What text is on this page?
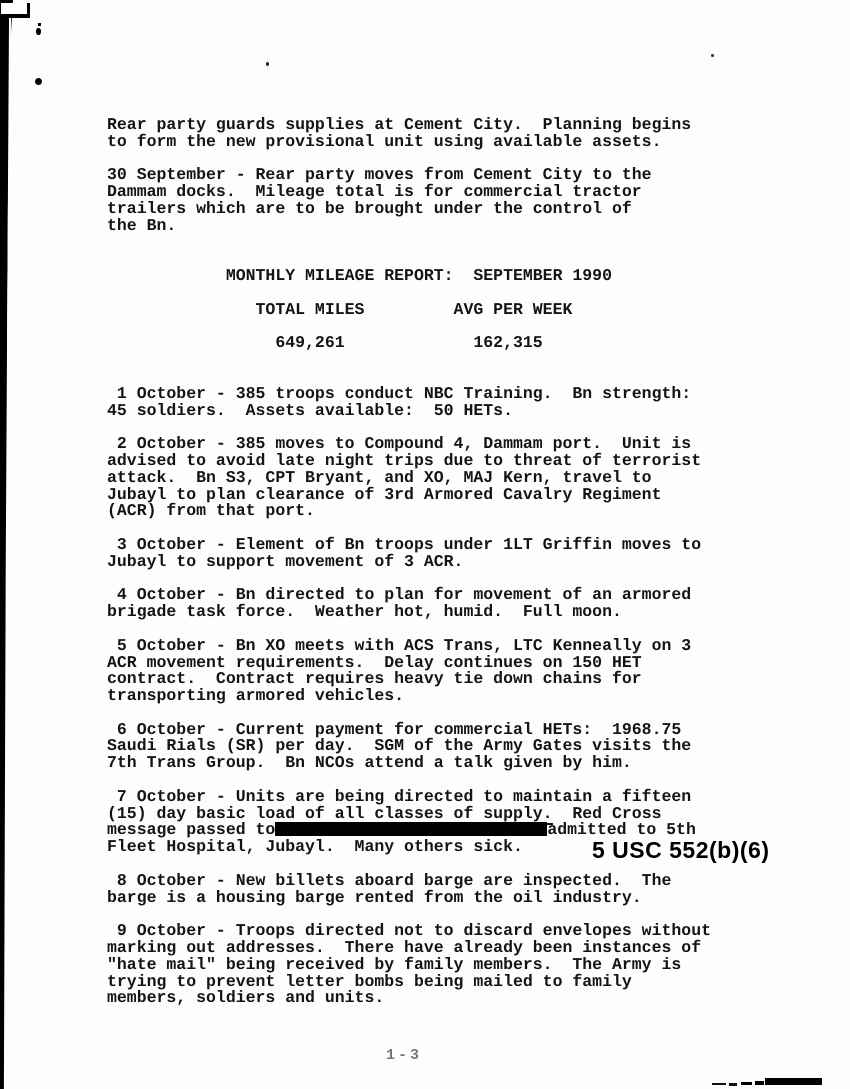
Rear party guards supplies at Cement City.  Planning begins
to form the new provisional unit using available assets.
30 September - Rear party moves from Cement City to the
Dammam docks.  Mileage total is for commercial tractor
trailers which are to be brought under the control of
the Bn.
MONTHLY MILEAGE REPORT:  SEPTEMBER 1990
TOTAL MILES         AVG PER WEEK
649,261             162,315
1 October - 385 troops conduct NBC Training.  Bn strength:
45 soldiers.  Assets available:  50 HETs.
2 October - 385 moves to Compound 4, Dammam port.  Unit is
advised to avoid late night trips due to threat of terrorist
attack.  Bn S3, CPT Bryant, and XO, MAJ Kern, travel to
Jubayl to plan clearance of 3rd Armored Cavalry Regiment
(ACR) from that port.
3 October - Element of Bn troops under 1LT Griffin moves to
Jubayl to support movement of 3 ACR.
4 October - Bn directed to plan for movement of an armored
brigade task force.  Weather hot, humid.  Full moon.
5 October - Bn XO meets with ACS Trans, LTC Kenneally on 3
ACR movement requirements.  Delay continues on 150 HET
contract.  Contract requires heavy tie down chains for
transporting armored vehicles.
6 October - Current payment for commercial HETs:  1968.75
Saudi Rials (SR) per day.  SGM of the Army Gates visits the
7th Trans Group.  Bn NCOs attend a talk given by him.
7 October - Units are being directed to maintain a fifteen
(15) day basic load of all classes of supply.  Red Cross
message passed to	admitted to 5th
Fleet Hospital, Jubayl.  Many others sick.
8 October - New billets aboard barge are inspected.  The
barge is a housing barge rented from the oil industry.
9 October - Troops directed not to discard envelopes without
marking out addresses.  There have already been instances of
"hate mail" being received by family members.  The Army is
trying to prevent letter bombs being mailed to family
members, soldiers and units.
5 USC 552(b)(6)
1-3
